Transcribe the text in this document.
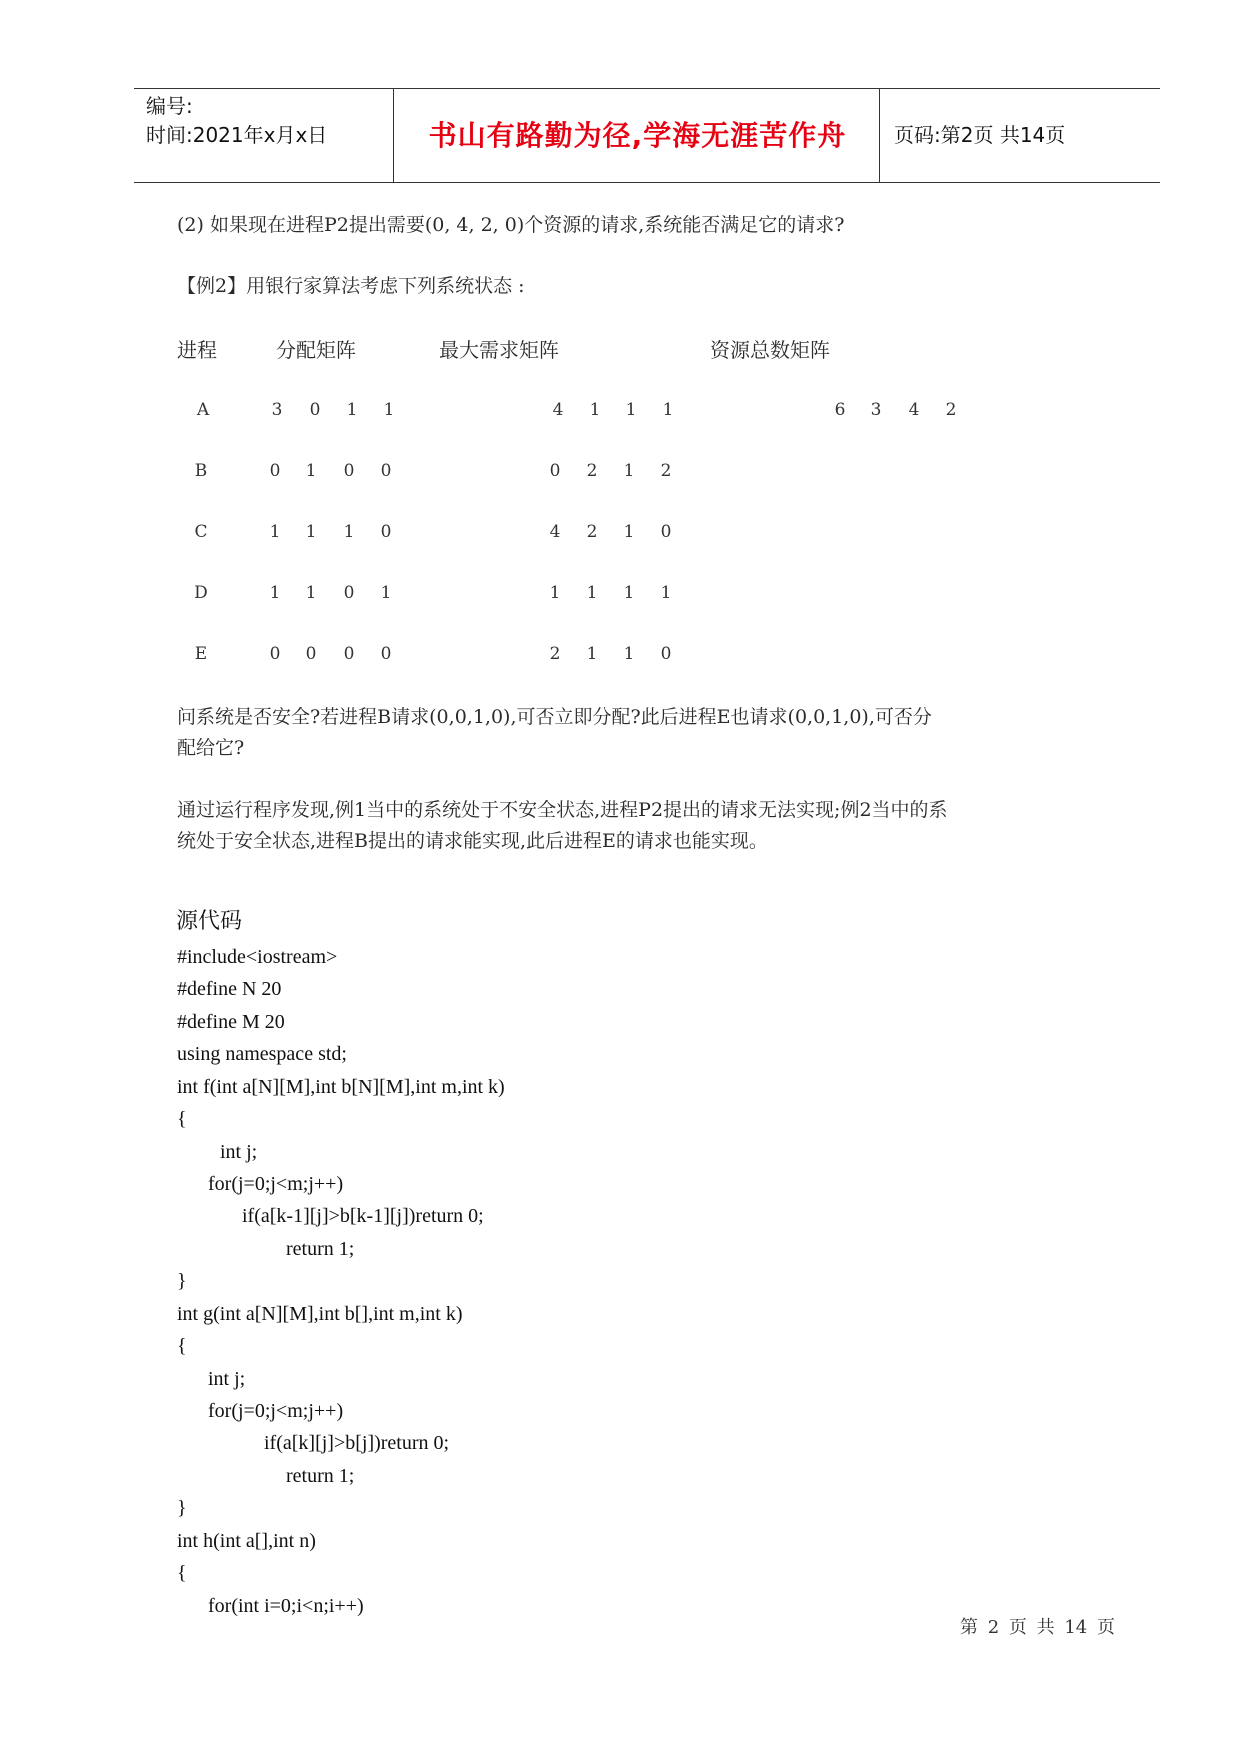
编号:
时间:2021年x月x日	书山有路勤为径,学海无涯苦作舟	页码:第2页 共14页
(2) 如果现在进程P2提出需要(0, 4, 2, 0)个资源的请求,系统能否满足它的请求?
【例2】用银行家算法考虑下列系统状态 :
进程	分配矩阵	最大需求矩阵	资源总数矩阵
A	3 0 1 1	4 1 1 1	6 3 4 2
B	0 1 0 0	0 2 1 2
C	1 1 1 0	4 2 1 0
D	1 1 0 1	1 1 1 1
E	0 0 0 0	2 1 1 0
问系统是否安全?若进程B请求(0,0,1,0),可否立即分配?此后进程E也请求(0,0,1,0),可否分
配给它?
通过运行程序发现,例1当中的系统处于不安全状态,进程P2提出的请求无法实现;例2当中的系
统处于安全状态,进程B提出的请求能实现,此后进程E的请求也能实现。
源代码
#include<iostream>
#define N 20
#define M 20
using namespace std;
int f(int a[N][M],int b[N][M],int m,int k)
{
int j;
for(j=0;j<m;j++)
if(a[k-1][j]>b[k-1][j])return 0;
return 1;
}
int g(int a[N][M],int b[],int m,int k)
{
int j;
for(j=0;j<m;j++)
if(a[k][j]>b[j])return 0;
return 1;
}
int h(int a[],int n)
{
for(int i=0;i<n;i++)
第 2 页 共 14 页
